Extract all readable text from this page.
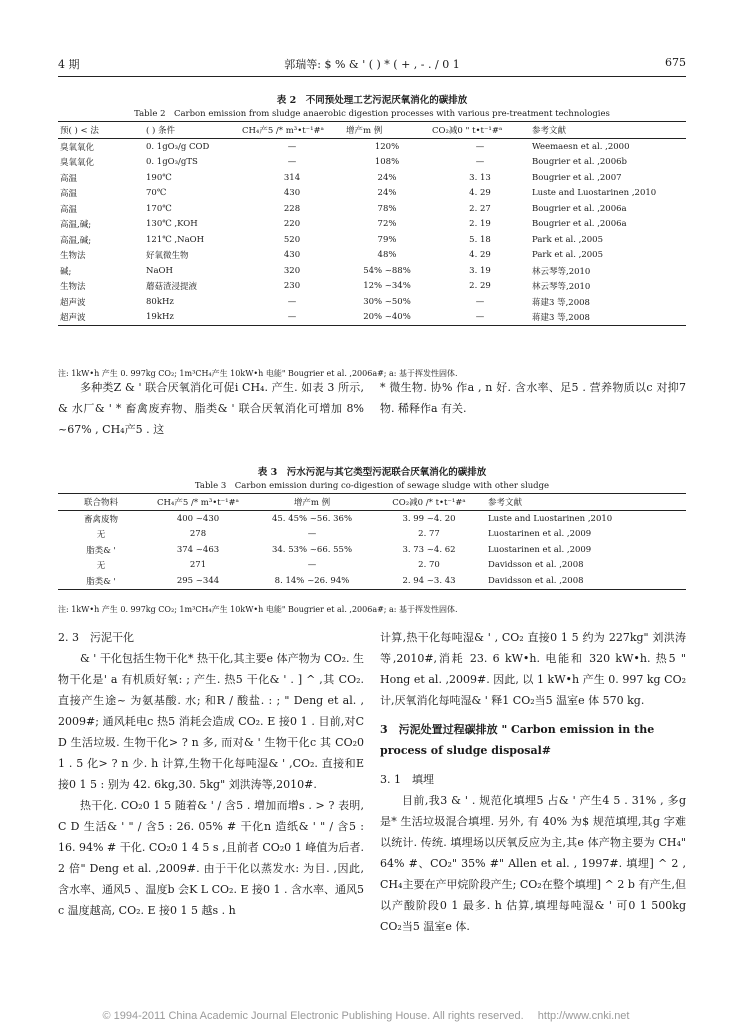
4 期	郭瑞等: $ % & ' ( ) * ( + , - . / 0 1	675
表 2　不同预处理工艺污泥厌氧消化的碳排放
Table 2　Carbon emission from sludge anaerobic digestion processes with various pre-treatment technologies
预( ) < 法	( ) 条件	CH₄产5 /* m³•t⁻¹#ᵃ	增产m 例	CO₂减0 " t•t⁻¹#ᵃ	参考文献
臭氧氧化	0. 1gO₃/g COD	—	120%	—	Weemaesn et al. ,2000
臭氧氧化	0. 1gO₃/gTS	—	108%	—	Bougrier et al. ,2006b
高温	190℃	314	24%	3. 13	Bougrier et al. ,2007
高温	70℃	430	24%	4. 29	Luste and Luostarinen ,2010
高温	170℃	228	78%	2. 27	Bougrier et al. ,2006a
高温,碱;	130℃ ,KOH	220	72%	2. 19	Bougrier et al. ,2006a
高温,碱;	121℃ ,NaOH	520	79%	5. 18	Park et al. ,2005
生物法	好氧微生物	430	48%	4. 29	Park et al. ,2005
碱;	NaOH	320	54% ~88%	3. 19	林云琴等,2010
生物法	蘑菇渣浸提液	230	12% ~34%	2. 29	林云琴等,2010
超声波	80kHz	—	30% ~50%	—	蒋建3 等,2008
超声波	19kHz	—	20% ~40%	—	蒋建3 等,2008
注: 1kW•h 产生 0. 997kg CO₂; 1m³CH₄产生 10kW•h 电能" Bougrier et al. ,2006a#; a: 基于挥发性固体.

多种类Z & ' 联合厌氧消化可促i CH₄. 产生. 如表 3 所示, & 水厂& ' * 畜禽废弃物、脂类& ' 联合厌氧消化可增加 8% ~67% , CH₄产5 . 这

* 微生物. 协% 作a , n 好. 含水率、足5 . 营养物质以c 对抑7 物. 稀释作a 有关.

表 3　污水污泥与其它类型污泥联合厌氧消化的碳排放
Table 3　Carbon emission during co-digestion of sewage sludge with other sludge
联合物料	CH₄产5 /* m³•t⁻¹#ᵃ	增产m 例	CO₂减0 /* t•t⁻¹#ᵃ	参考文献
畜禽废物	400 ~430	45. 45% ~56. 36%	3. 99 ~4. 20	Luste and Luostarinen ,2010
无	278	—	2. 77	Luostarinen et al. ,2009
脂类& '	374 ~463	34. 53% ~66. 55%	3. 73 ~4. 62	Luostarinen et al. ,2009
无	271	—	2. 70	Davidsson et al. ,2008
脂类& '	295 ~344	8. 14% ~26. 94%	2. 94 ~3. 43	Davidsson et al. ,2008
注: 1kW•h 产生 0. 997kg CO₂; 1m³CH₄产生 10kW•h 电能" Bougrier et al. ,2006a#; a: 基于挥发性固体.
2. 3　污泥干化

& ' 干化包括生物干化* 热干化,其主要e 体产物为 CO₂. 生物干化是' a 有机质好氧: ; 产生. 热5 干化& ' . ] ^ ,其 CO₂. 直接产生途~ 为氨基酸. 水; 和R / 酸盐. : ; " Deng et al. , 2009#; 通风耗电c 热5 消耗会造成 CO₂. E 接0 1 . 目前,对C D 生活垃圾. 生物干化> ? n 多, 而对& ' 生物干化c 其 CO₂0 1 . 5 化> ? n 少. h 计算,生物干化每吨湿& ' ,CO₂. 直接和E 接0 1 5 : 别为 42. 6kg,30. 5kg" 刘洪涛等,2010#.

热干化. CO₂0 1 5 随着& ' / 含5 . 增加而增s . > ? 表明, C D 生活& ' " / 含5 : 26. 05% # 干化n 造纸& ' " / 含5 : 16. 94% # 干化. CO₂0 1 4 5 s ,且前者 CO₂0 1 峰值为后者. 2 倍" Deng et al. ,2009#. 由于干化以蒸发水: 为目. ,因此,含水率、通风5 、温度b 会K L CO₂. E 接0 1 . 含水率、通风5 c 温度越高, CO₂. E 接0 1 5 越s . h

计算,热干化每吨湿& ' , CO₂ 直接0 1 5 约为 227kg" 刘洪涛等,2010#,消耗 23. 6 kW•h. 电能和 320 kW•h. 热5 " Hong et al. ,2009#. 因此, 以 1 kW•h 产生 0. 997 kg CO₂计,厌氧消化每吨湿& ' 释1 CO₂当5 温室e 体 570 kg.

3　污泥处置过程碳排放 " Carbon emission in the process of sludge disposal#
3. 1　填埋

目前,我3 & ' . 规范化填埋5 占& ' 产生4 5 . 31% , 多g 是* 生活垃圾混合填埋. 另外, 有 40% 为$ 规范填埋,其g 字难以统计. 传统. 填埋场以厌氧反应为主,其e 体产物主要为 CH₄" 64% #、CO₂" 35% #" Allen et al. , 1997#. 填埋] ^ 2 , CH₄主要在产甲烷阶段产生; CO₂在整个填埋] ^ 2 b 有产生,但以产酸阶段0 1 最多. h 估算,填埋每吨湿& ' 可0 1 500kg CO₂当5 温室e 体.

© 1994-2011 China Academic Journal Electronic Publishing House. All rights reserved.　 http://www.cnki.net
